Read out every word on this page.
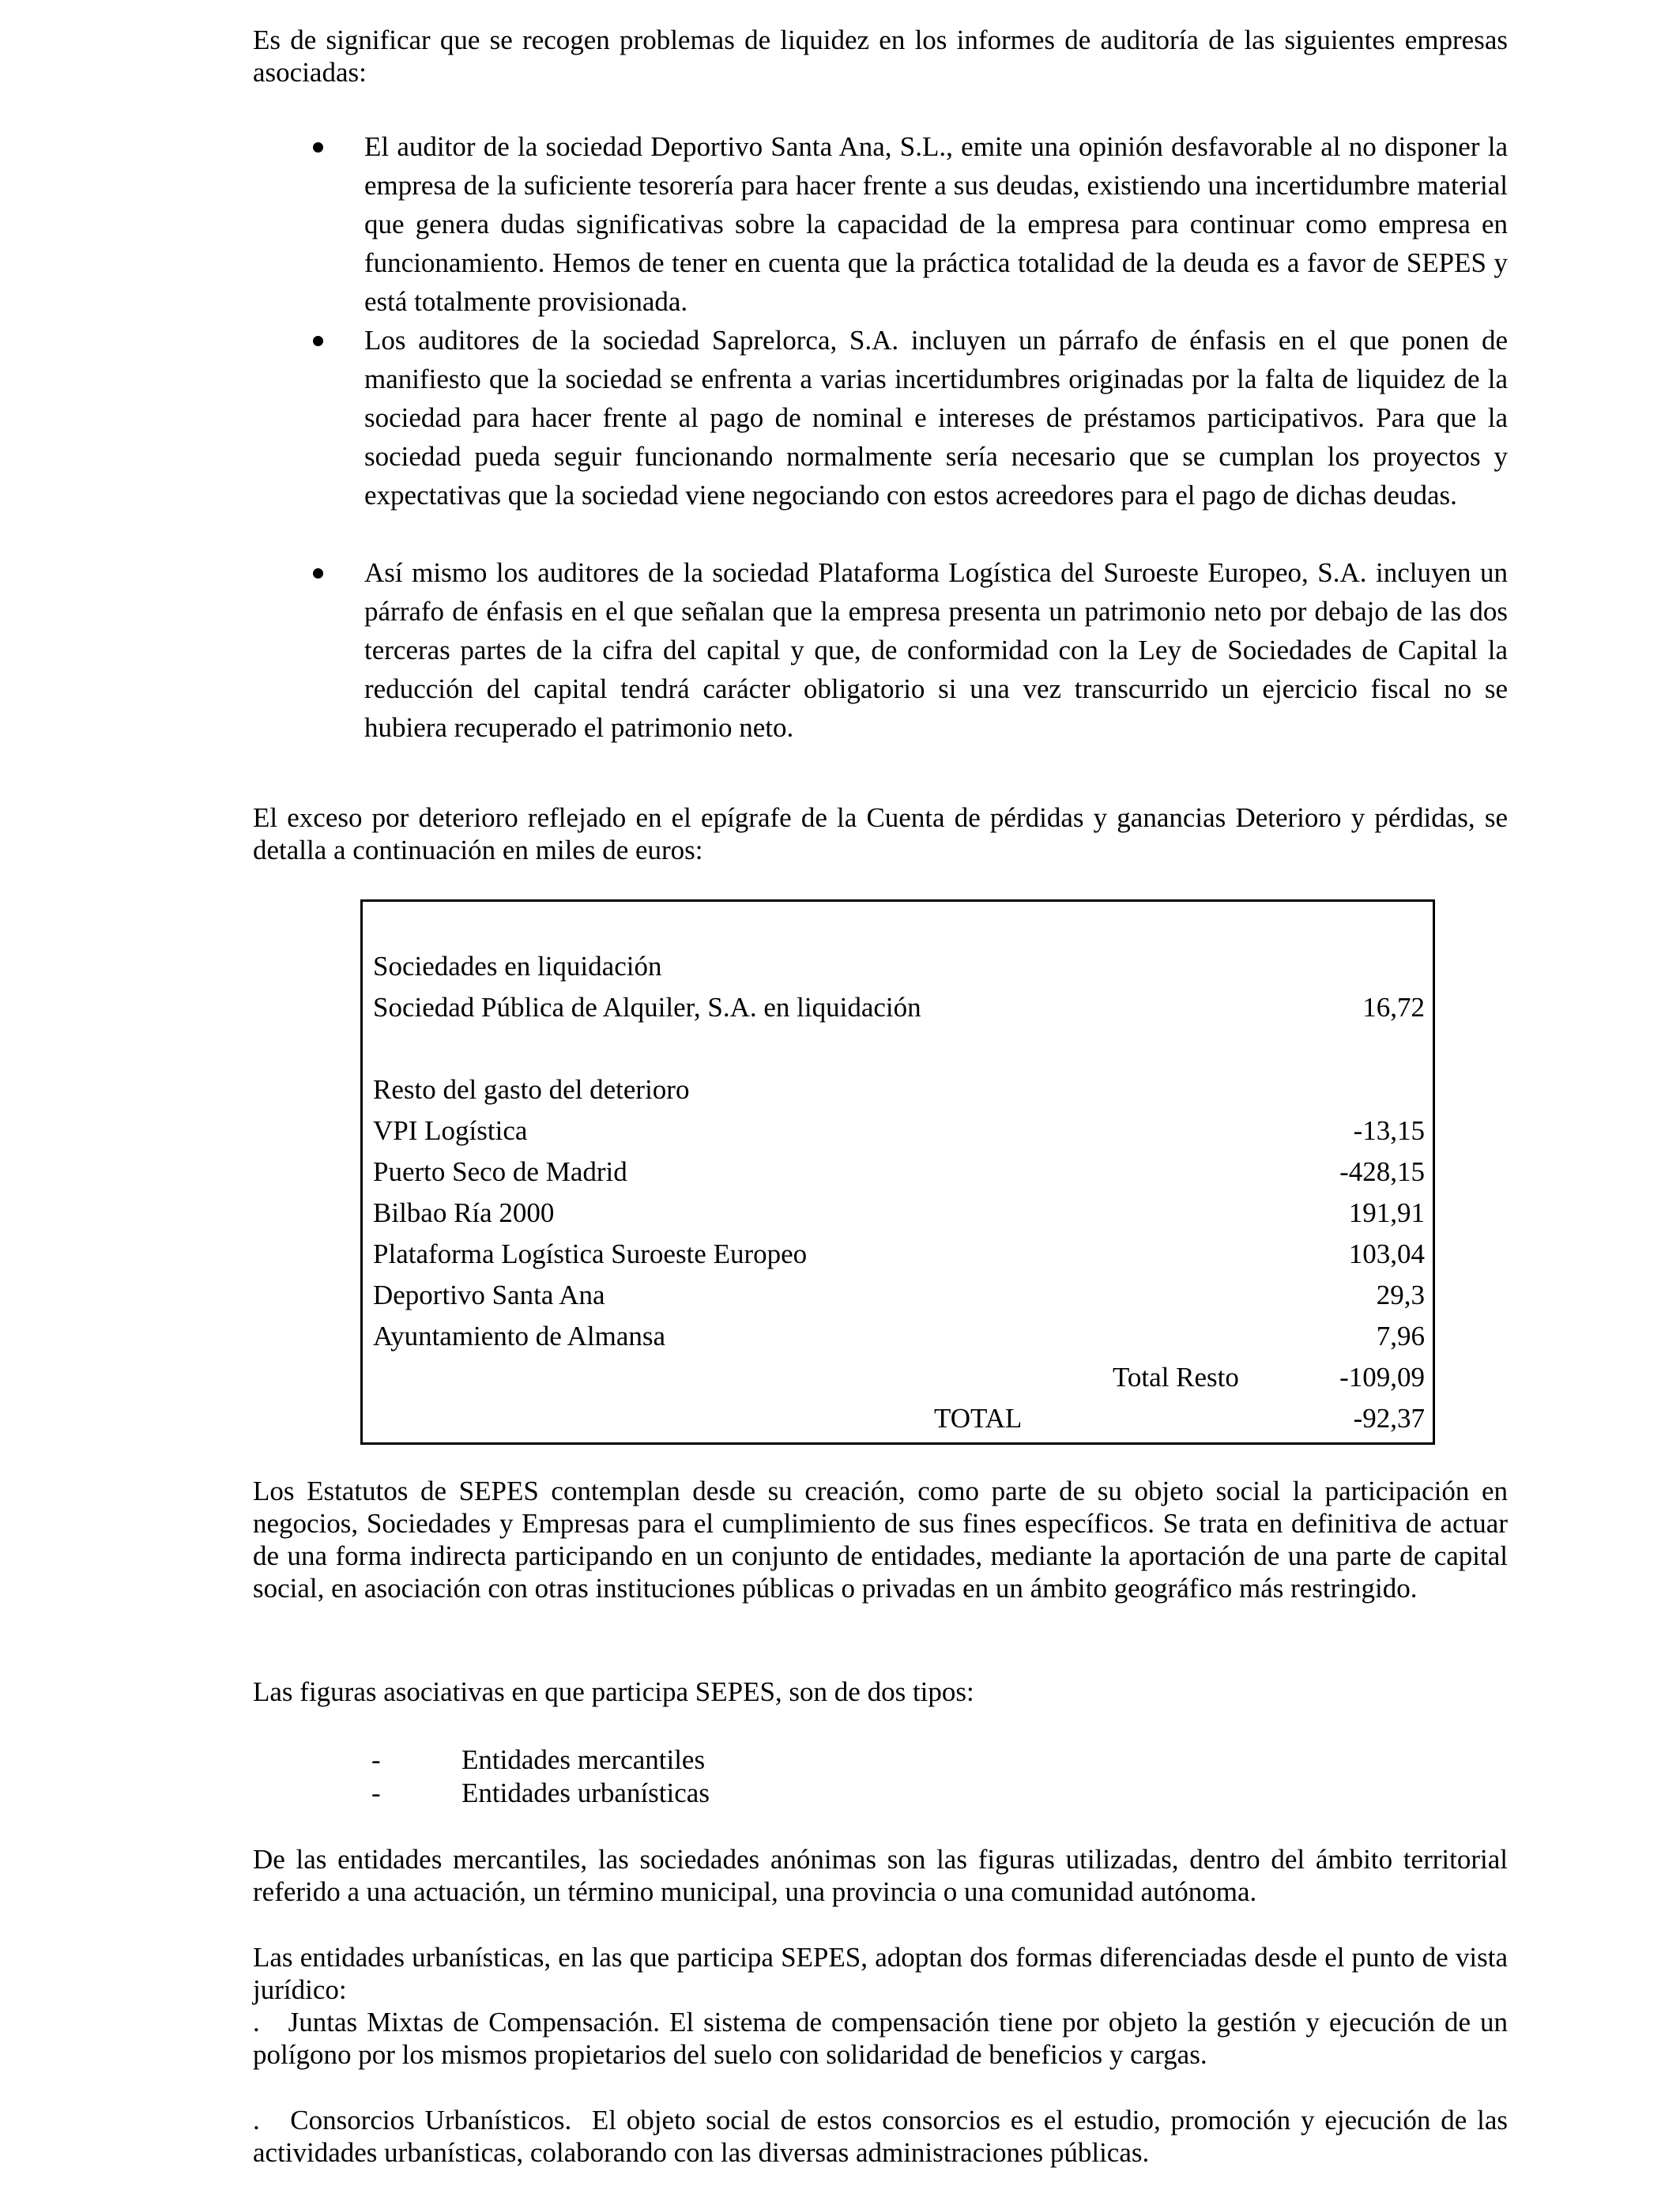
Es de significar que se recogen problemas de liquidez en los informes de auditoría de las siguientes empresas asociadas:

El auditor de la sociedad Deportivo Santa Ana, S.L., emite una opinión desfavorable al no disponer la empresa de la suficiente tesorería para hacer frente a sus deudas, existiendo una incertidumbre material que genera dudas significativas sobre la capacidad de la empresa para continuar como empresa en funcionamiento. Hemos de tener en cuenta que la práctica totalidad de la deuda es a favor de SEPES y está totalmente provisionada.
Los auditores de la sociedad Saprelorca, S.A. incluyen un párrafo de énfasis en el que ponen de manifiesto que la sociedad se enfrenta a varias incertidumbres originadas por la falta de liquidez de la sociedad para hacer frente al pago de nominal e intereses de préstamos participativos. Para que la sociedad pueda seguir funcionando normalmente sería necesario que se cumplan los proyectos y expectativas que la sociedad viene negociando con estos acreedores para el pago de dichas deudas.
Así mismo los auditores de la sociedad Plataforma Logística del Suroeste Europeo, S.A. incluyen un párrafo de énfasis en el que señalan que la empresa presenta un patrimonio neto por debajo de las dos terceras partes de la cifra del capital y que, de conformidad con la Ley de Sociedades de Capital la reducción del capital tendrá carácter obligatorio si una vez transcurrido un ejercicio fiscal no se hubiera recuperado el patrimonio neto.

El exceso por deterioro reflejado en el epígrafe de la Cuenta de pérdidas y ganancias Deterioro y pérdidas, se detalla a continuación en miles de euros:

Sociedades en liquidación
Sociedad Pública de Alquiler, S.A. en liquidación	16,72
Resto del gasto del deterioro
VPI Logística	-13,15
Puerto Seco de Madrid	-428,15
Bilbao Ría 2000	191,91
Plataforma Logística Suroeste Europeo	103,04
Deportivo Santa Ana	29,3
Ayuntamiento de Almansa	7,96
Total Resto	-109,09
TOTAL	-92,37

Los Estatutos de SEPES contemplan desde su creación, como parte de su objeto social la participación en negocios, Sociedades y Empresas para el cumplimiento de sus fines específicos. Se trata en definitiva de actuar de una forma indirecta participando en un conjunto de entidades, mediante la aportación de una parte de capital social, en asociación con otras instituciones públicas o privadas en un ámbito geográfico más restringido.

Las figuras asociativas en que participa SEPES, son de dos tipos:

-	Entidades mercantiles
-	Entidades urbanísticas

De las entidades mercantiles, las sociedades anónimas son las figuras utilizadas, dentro del ámbito territorial referido a una actuación, un término municipal, una provincia o una comunidad autónoma.

Las entidades urbanísticas, en las que participa SEPES, adoptan dos formas diferenciadas desde el punto de vista jurídico:

.   Juntas Mixtas de Compensación. El sistema de compensación tiene por objeto la gestión y ejecución de un polígono por los mismos propietarios del suelo con solidaridad de beneficios y cargas.

.   Consorcios Urbanísticos.  El objeto social de estos consorcios es el estudio, promoción y ejecución de las actividades urbanísticas, colaborando con las diversas administraciones públicas.
